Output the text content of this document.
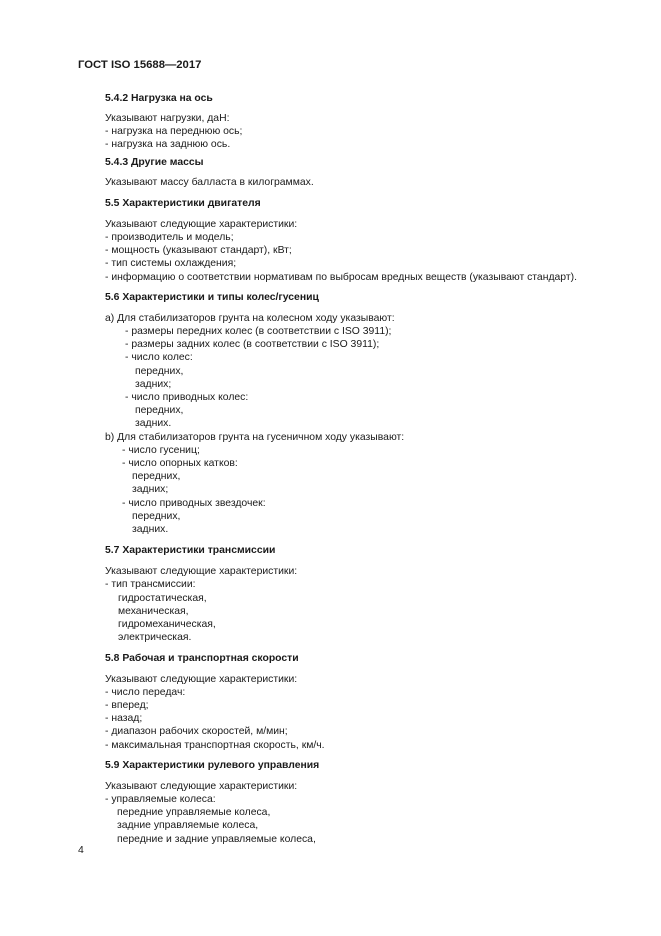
ГОСТ ISO 15688—2017

5.4.2 Нагрузка на ось

Указывают нагрузки, даН:

- нагрузка на переднюю ось;
- нагрузка на заднюю ось.

5.4.3 Другие массы

Указывают массу балласта в килограммах.

5.5 Характеристики двигателя

Указывают следующие характеристики:

- производитель и модель;
- мощность (указывают стандарт), кВт;
- тип системы охлаждения;
- информацию о соответствии нормативам по выбросам вредных веществ (указывают стандарт).

5.6 Характеристики и типы колес/гусениц

a) Для стабилизаторов грунта на колесном ходу указывают:

- размеры передних колес (в соответствии с ISO 3911);
- размеры задних колес (в соответствии с ISO 3911);
- число колес:
передних,
задних;
- число приводных колес:
передних,
задних.

b) Для стабилизаторов грунта на гусеничном ходу указывают:

- число гусениц;
- число опорных катков:
передних,
задних;
- число приводных звездочек:
передних,
задних.

5.7 Характеристики трансмиссии

Указывают следующие характеристики:

- тип трансмиссии:
гидростатическая,
механическая,
гидромеханическая,
электрическая.

5.8 Рабочая и транспортная скорости

Указывают следующие характеристики:

- число передач:
- вперед;
- назад;
- диапазон рабочих скоростей, м/мин;
- максимальная транспортная скорость, км/ч.

5.9 Характеристики рулевого управления

Указывают следующие характеристики:

- управляемые колеса:
передние управляемые колеса,
задние управляемые колеса,
передние и задние управляемые колеса,

4
